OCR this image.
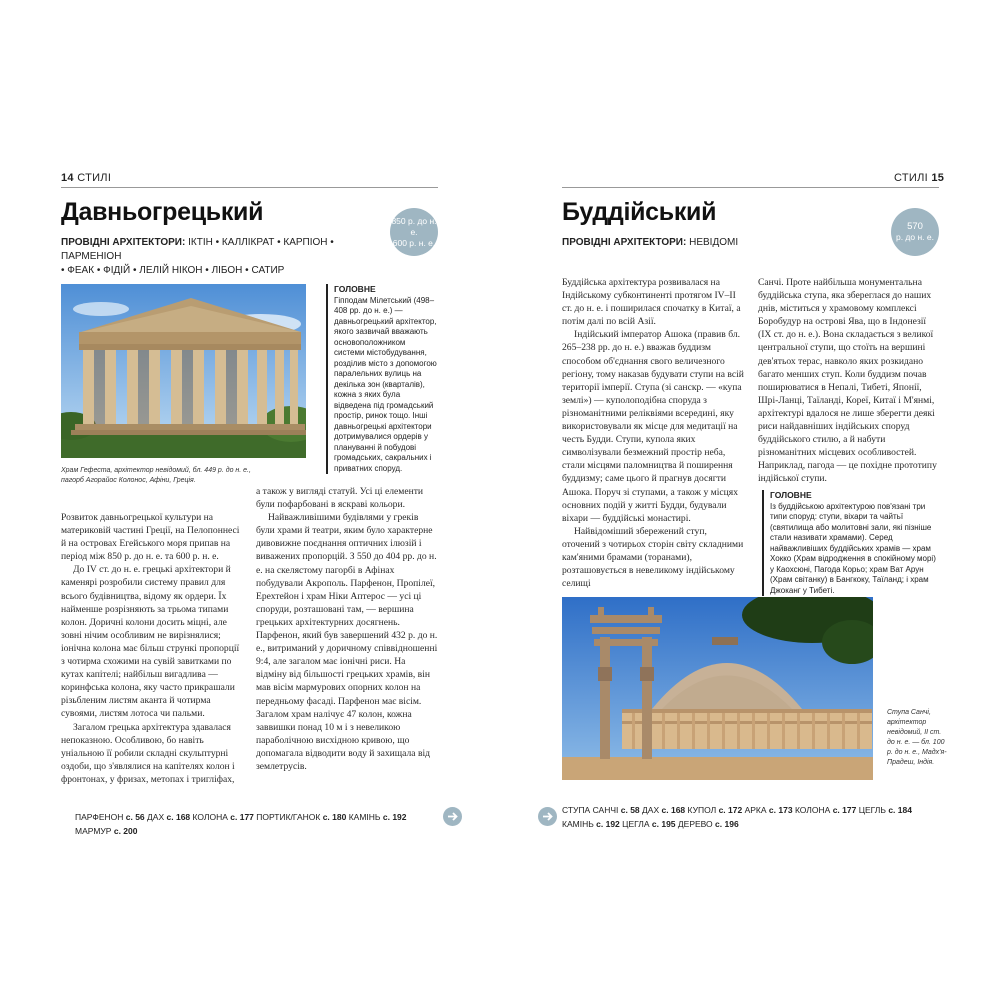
14 СТИЛІ
Давньогрецький
ПРОВІДНІ АРХІТЕКТОРИ: ІКТІН • КАЛЛІКРАТ • КАРПІОН • ПАРМЕНІОН
• ФЕАК • ФІДІЙ • ЛЕЛІЙ НІКОН • ЛІБОН • САТИР
850 р. до н. е.
600 р. н. е.
ГОЛОВНЕ
Гіпподам Мілетський (498–408 рр. до н. е.) — давньогрецький архітектор, якого зазвичай вважають основоположником системи містобудування, розділив місто з допомогою паралельних вулиць на декілька зон (кварталів), кожна з яких була відведена під громадський простір, ринок тощо. Інші давньогрецькі архітектори дотримувалися ордерів у плануванні й побудові громадських, сакральних і приватних споруд.
Храм Гефеста, архітектор невідомий, бл. 449 р. до н. е., пагорб Агорайос Колонос, Афіни, Греція.

Розвиток давньогрецької культури на материковій частині Греції, на Пелопоннесі й на островах Егейського моря припав на період між 850 р. до н. е. та 600 р. н. е.

До IV ст. до н. е. грецькі архітектори й каменярі розробили систему правил для всього будівництва, відому як ордери. Їх найменше розрізняють за трьома типами колон. Доричні колони досить міцні, але зовні нічим особливим не вирізнялися; іонічна колона має більш стрункі пропорції з чотирма схожими на сувій завитками по кутах капітелі; найбільш вигадлива — коринфська колона, яку часто прикрашали різьбленим листям аканта й чотирма сувоями, листям лотоса чи пальми.

Загалом грецька архітектура здавалася непоказною. Особливою, бо навіть уніальною її робили складні скульптурні оздоби, що з'являлися на капітелях колон і фронтонах, у фризах, метопах і тригліфах,

а також у вигляді статуй. Усі ці елементи були пофарбовані в яскраві кольори.

Найважливішими будівлями у греків були храми й театри, яким було характерне дивовижне поєднання оптичних ілюзій і виважених пропорцій. З 550 до 404 рр. до н. е. на скелястому пагорбі в Афінах побудували Акрополь. Парфенон, Пропілеї, Ерехтейон і храм Ніки Аптерос — усі ці споруди, розташовані там, — вершина грецьких архітектурних досягнень. Парфенон, який був завершений 432 р. до н. е., витриманий у доричному співвідношенні 9:4, але загалом має іонічні риси. На відміну від більшості грецьких храмів, він мав вісім мармурових опорних колон на передньому фасаді. Парфенон має вісім. Загалом храм налічує 47 колон, кожна заввишки понад 10 м і з невеликою параболічною висхідною кривою, що допомагала відводити воду й захищала від землетрусів.

ПАРФЕНОН с. 56 ДАХ с. 168 КОЛОНА с. 177 ПОРТИК/ГАНОК с. 180 КАМІНЬ с. 192 МАРМУР с. 200
СТИЛІ 15
Буддійський
ПРОВІДНІ АРХІТЕКТОРИ: НЕВІДОМІ
570
р. до н. е.

Буддійська архітектура розвивалася на Індійському субконтиненті протягом IV–II ст. до н. е. і поширилася спочатку в Китаї, а потім далі по всій Азії.

Індійський імператор Ашока (правив бл. 265–238 рр. до н. е.) вважав буддизм способом об'єднання свого величезного регіону, тому наказав будувати ступи на всій території імперії. Ступа (зі санскр. — «купа землі») — куполоподібна споруда з різноманітними реліквіями всередині, яку використовували як місце для медитації на честь Будди. Ступи, купола яких символізували безмежний простір неба, стали місцями паломництва й поширення буддизму; саме цього й прагнув досягти Ашока. Поруч зі ступами, а також у місцях основних подій у житті Будди, будували віхари — буддійські монастирі.

Найвідоміший збережений ступ, оточений з чотирьох сторін світу складними кам'яними брамами (торанами), розташовується в невеликому індійському селищі

Санчі. Проте найбільша монументальна буддійська ступа, яка збереглася до наших днів, міститься у храмовому комплексі Боробудур на острові Ява, що в Індонезії (IX ст. до н. е.). Вона складається з великої центральної ступи, що стоїть на вершині дев'ятьох терас, навколо яких розкидано багато менших ступ. Коли буддизм почав поширюватися в Непалі, Тибеті, Японії, Шрі-Ланці, Таїланді, Кореї, Китаї і М'янмі, архітектурі вдалося не лише зберегти деякі риси найдавніших індійських споруд буддійського стилю, а й набути різноманітних місцевих особливостей. Наприклад, пагода — це похідне прототипу індійської ступи.

ГОЛОВНЕ
Із буддійською архітектурою пов'язані три типи споруд: ступи, віхари та чайтьї (святилища або молитовні зали, які пізніше стали називати храмами). Серед найважливіших буддійських храмів — храм Хокко (Храм відродження в спокійному морі) у Каохсюні, Пагода Корьо; храм Ват Арун (Храм світанку) в Бангкоку, Таїланд; і храм Джоканг у Тибеті.
Ступа Санчі, архітектор невідомий, II ст. до н. е. — бл. 100 р. до н. е., Мадх'я-Прадеш, Індія.
СТУПА САНЧІ с. 58 ДАХ с. 168 КУПОЛ с. 172 АРКА с. 173 КОЛОНА с. 177 ЦЕГЛЬ с. 184
КАМІНЬ с. 192 ЦЕГЛА с. 195 ДЕРЕВО с. 196
